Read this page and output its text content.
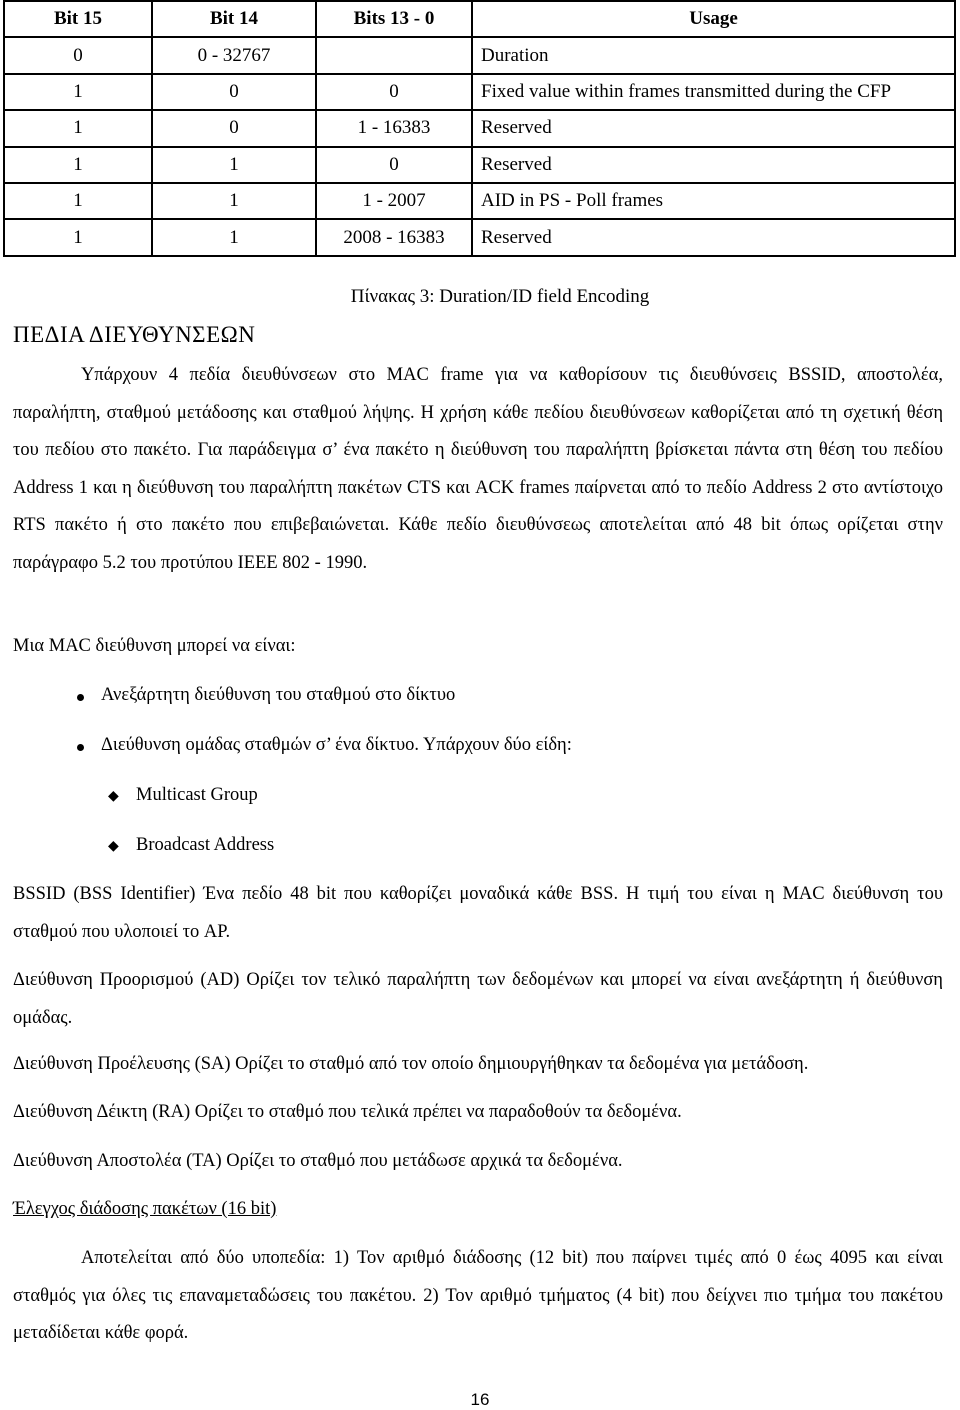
Bit 15	Bit 14	Bits 13 - 0	Usage
0	0 - 32767		Duration
1	0	0	Fixed value within frames transmitted during the CFP
1	0	1 - 16383	Reserved
1	1	0	Reserved
1	1	1 - 2007	AID in PS - Poll frames
1	1	2008 - 16383	Reserved
Πίνακας 3: Duration/ID field Encoding
ΠΕΔΙΑ ΔΙΕΥΘΥΝΣΕΩΝ

Υπάρχουν 4 πεδία διευθύνσεων στο MAC frame για να καθορίσουν τις διευθύνσεις BSSID, αποστολέα, παραλήπτη, σταθμού μετάδοσης και σταθμού λήψης. Η χρήση κάθε πεδίου διευθύνσεων καθορίζεται από τη σχετική θέση του πεδίου στο πακέτο. Για παράδειγμα σ’ ένα πακέτο η διεύθυνση του παραλήπτη βρίσκεται πάντα στη θέση του πεδίου Address 1 και η διεύθυνση του παραλήπτη πακέτων CTS και ACK frames παίρνεται από το πεδίο Address 2 στο αντίστοιχο RTS πακέτο ή στο πακέτο που επιβεβαιώνεται. Κάθε πεδίο διευθύνσεως αποτελείται από 48 bit όπως ορίζεται στην παράγραφο 5.2 του προτύπου IEEE 802 - 1990.

Μια MAC διεύθυνση μπορεί να είναι:
Ανεξάρτητη διεύθυνση του σταθμού στο δίκτυο
Διεύθυνση ομάδας σταθμών σ’ ένα δίκτυο. Υπάρχουν δύο είδη:
◆ Multicast Group
◆ Broadcast Address

BSSID (BSS Identifier) Ένα πεδίο 48 bit που καθορίζει μοναδικά κάθε BSS. Η τιμή του είναι η MAC διεύθυνση του σταθμού που υλοποιεί το AP.

Διεύθυνση Προορισμού (AD) Ορίζει τον τελικό παραλήπτη των δεδομένων και μπορεί να είναι ανεξάρτητη ή διεύθυνση ομάδας.

Διεύθυνση Προέλευσης (SA) Ορίζει το σταθμό από τον οποίο δημιουργήθηκαν τα δεδομένα για μετάδοση.
Διεύθυνση Δέικτη (RA) Ορίζει το σταθμό που τελικά πρέπει να παραδοθούν τα δεδομένα.
Διεύθυνση Αποστολέα (TA) Ορίζει το σταθμό που μετάδωσε αρχικά τα δεδομένα.
Έλεγχος διάδοσης πακέτων (16 bit)

Αποτελείται από δύο υποπεδία: 1) Τον αριθμό διάδοσης (12 bit) που παίρνει τιμές από 0 έως 4095 και είναι σταθμός για όλες τις επαναμεταδώσεις του πακέτου. 2) Τον αριθμό τμήματος (4 bit) που δείχνει πιο τμήμα του πακέτου μεταδίδεται κάθε φορά.

16
